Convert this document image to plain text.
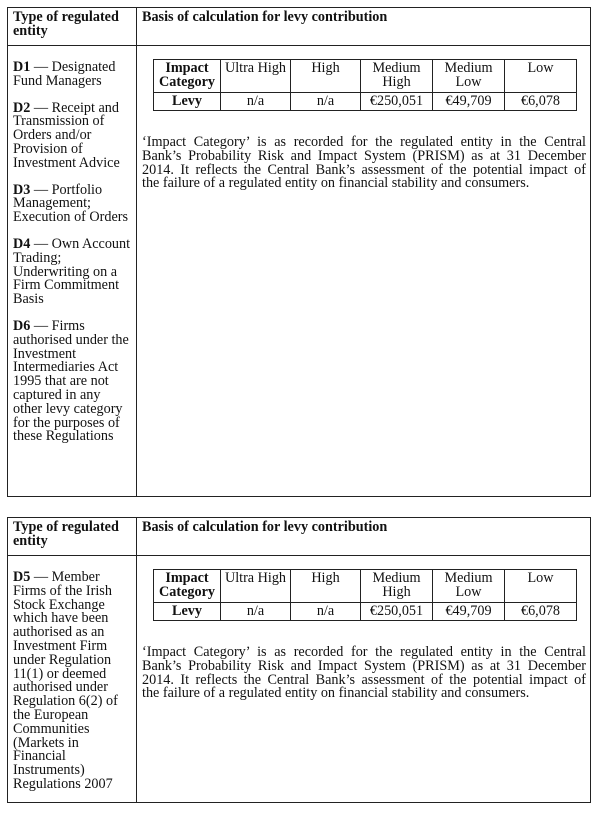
Type of regulated entity
Basis of calculation for levy contribution
D1 — Designated Fund Managers
D2 — Receipt and Transmission of Orders and/or Provision of Investment Advice
D3 — Portfolio Management; Execution of Orders
D4 — Own Account Trading; Underwriting on a Firm Commitment Basis
D6 — Firms authorised under the Investment Intermediaries Act 1995 that are not captured in any other levy category for the purposes of these Regulations
Impact Category	Ultra High	High	Medium High	Medium Low	Low
Levy	n/a	n/a	€250,051	€49,709	€6,078
‘Impact Category’ is as recorded for the regulated entity in the Central
Bank’s Probability Risk and Impact System (PRISM) as at 31 December
2014. It reflects the Central Bank’s assessment of the potential impact of
the failure of a regulated entity on financial stability and consumers.
Type of regulated entity
Basis of calculation for levy contribution
D5 — Member Firms of the Irish Stock Exchange which have been authorised as an Investment Firm under Regulation 11(1) or deemed authorised under Regulation 6(2) of the European Communities (Markets in Financial Instruments) Regulations 2007
Impact Category	Ultra High	High	Medium High	Medium Low	Low
Levy	n/a	n/a	€250,051	€49,709	€6,078
‘Impact Category’ is as recorded for the regulated entity in the Central
Bank’s Probability Risk and Impact System (PRISM) as at 31 December
2014. It reflects the Central Bank’s assessment of the potential impact of
the failure of a regulated entity on financial stability and consumers.
